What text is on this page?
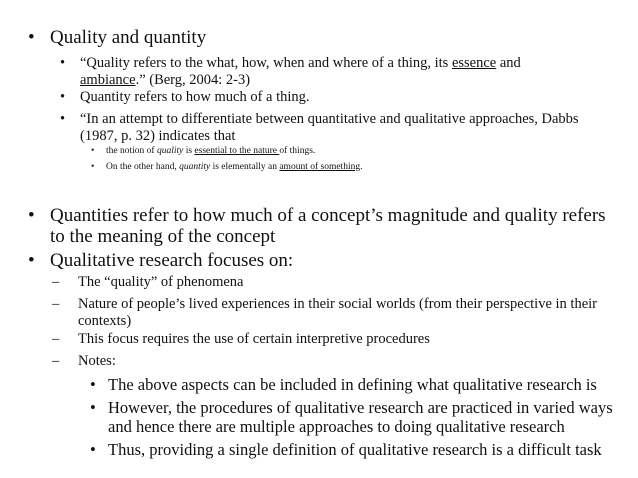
• Quality and quantity
•	“Quality refers to the what, how, when and where of a thing, its essence and ambiance.” (Berg, 2004: 2-3)
•	Quantity refers to how much of a thing.
•	“In an attempt to differentiate between quantitative and qualitative approaches, Dabbs (1987, p. 32) indicates that
•	the notion of quality is essential to the nature of things.
•	On the other hand, quantity is elementally an amount of something.
• Quantities refer to how much of a concept’s magnitude and quality refers to the meaning of the concept
• Qualitative research focuses on:
–	The “quality” of phenomena
–	Nature of people’s lived experiences in their social worlds (from their perspective in their contexts)
–	This focus requires the use of certain interpretive procedures
–	Notes:
• The above aspects can be included in defining what qualitative research is
• However, the procedures of qualitative research are practiced in varied ways and hence there are multiple approaches to doing qualitative research
• Thus, providing a single definition of qualitative research is a difficult task
